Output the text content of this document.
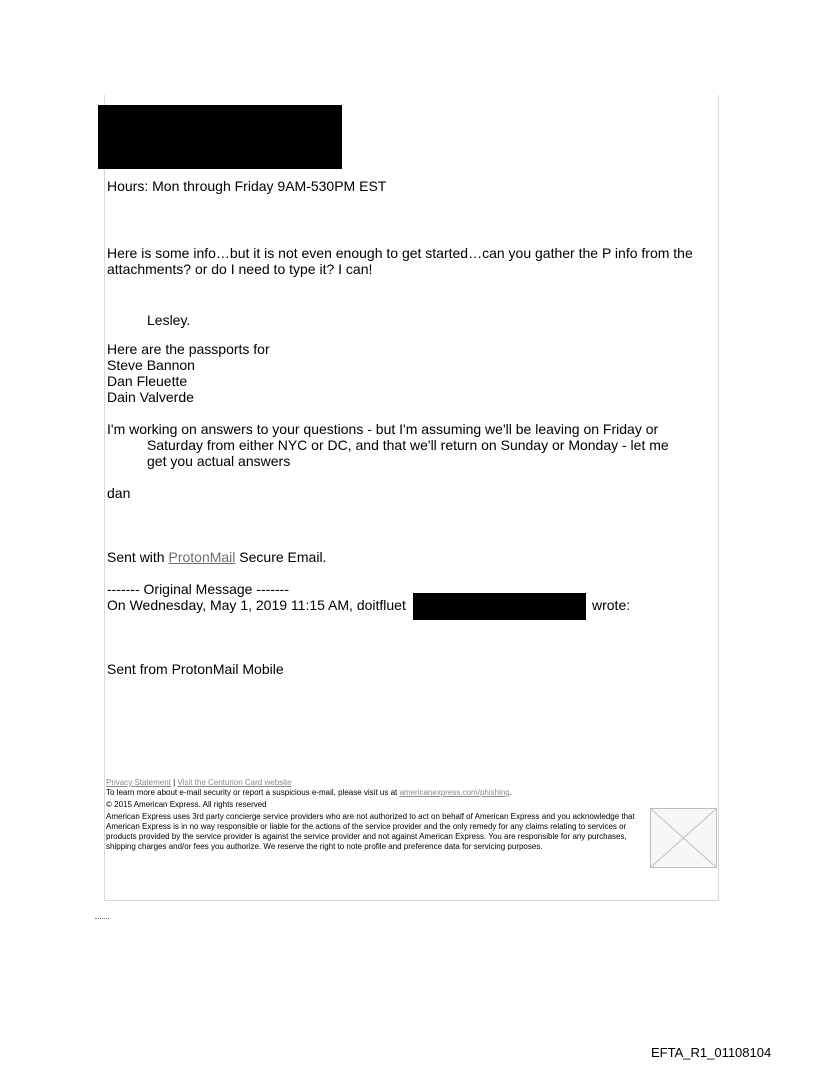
Hours: Mon through Friday 9AM-530PM EST
Here is some info…but it is not even enough to get started…can you gather the P info from the
attachments? or do I need to type it? I can!
Lesley.
Here are the passports for
Steve Bannon
Dan Fleuette
Dain Valverde
I'm working on answers to your questions - but I'm assuming we'll be leaving on Friday or
Saturday from either NYC or DC, and that we'll return on Sunday or Monday - let me
get you actual answers
dan
Sent with ProtonMail Secure Email.
------- Original Message -------
On Wednesday, May 1, 2019 11:15 AM, doitfluet	wrote:
Sent from ProtonMail Mobile
Privacy Statement | Visit the Centurion Card website
To learn more about e-mail security or report a suspicious e-mail, please visit us at americanexpress.com/phishing.
© 2015 American Express. All rights reserved
American Express uses 3rd party concierge service providers who are not authorized to act on behalf of American Express and you acknowledge that American Express is in no way responsible or liable for the actions of the service provider and the only remedy for any claims relating to services or products provided by the service provider is against the service provider and not against American Express. You are responsible for any purchases, shipping charges and/or fees you authorize. We reserve the right to note profile and preference data for servicing purposes.
EFTA_R1_01108104
